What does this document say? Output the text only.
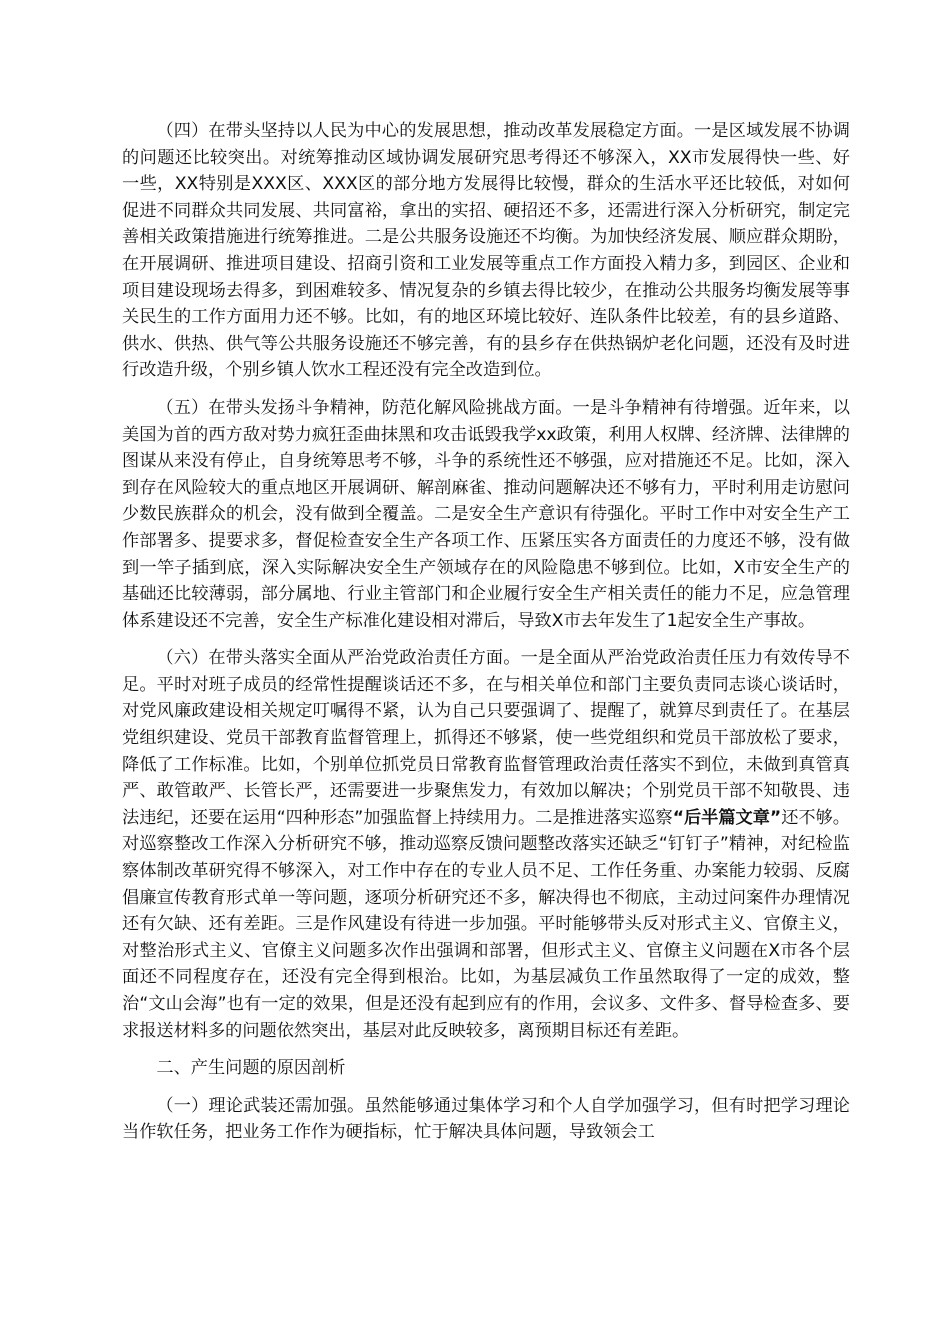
（四）在带头坚持以人民为中心的发展思想，推动改革发展稳定方面。一是区域发展不协调的问题还比较突出。对统筹推动区域协调发展研究思考得还不够深入，XX市发展得快一些、好一些，XX特别是XXX区、XXX区的部分地方发展得比较慢，群众的生活水平还比较低，对如何促进不同群众共同发展、共同富裕，拿出的实招、硬招还不多，还需进行深入分析研究，制定完善相关政策措施进行统筹推进。二是公共服务设施还不均衡。为加快经济发展、顺应群众期盼，在开展调研、推进项目建设、招商引资和工业发展等重点工作方面投入精力多，到园区、企业和项目建设现场去得多，到困难较多、情况复杂的乡镇去得比较少，在推动公共服务均衡发展等事关民生的工作方面用力还不够。比如，有的地区环境比较好、连队条件比较差，有的县乡道路、供水、供热、供气等公共服务设施还不够完善，有的县乡存在供热锅炉老化问题，还没有及时进行改造升级，个别乡镇人饮水工程还没有完全改造到位。

（五）在带头发扬斗争精神，防范化解风险挑战方面。一是斗争精神有待增强。近年来，以美国为首的西方敌对势力疯狂歪曲抹黑和攻击诋毁我学xx政策，利用人权牌、经济牌、法律牌的图谋从来没有停止，自身统筹思考不够，斗争的系统性还不够强，应对措施还不足。比如，深入到存在风险较大的重点地区开展调研、解剖麻雀、推动问题解决还不够有力，平时利用走访慰问少数民族群众的机会，没有做到全覆盖。二是安全生产意识有待强化。平时工作中对安全生产工作部署多、提要求多，督促检查安全生产各项工作、压紧压实各方面责任的力度还不够，没有做到一竿子插到底，深入实际解决安全生产领域存在的风险隐患不够到位。比如，X市安全生产的基础还比较薄弱，部分属地、行业主管部门和企业履行安全生产相关责任的能力不足，应急管理体系建设还不完善，安全生产标准化建设相对滞后，导致X市去年发生了1起安全生产事故。

（六）在带头落实全面从严治党政治责任方面。一是全面从严治党政治责任压力有效传导不足。平时对班子成员的经常性提醒谈话还不多，在与相关单位和部门主要负责同志谈心谈话时，对党风廉政建设相关规定叮嘱得不紧，认为自己只要强调了、提醒了，就算尽到责任了。在基层党组织建设、党员干部教育监督管理上，抓得还不够紧，使一些党组织和党员干部放松了要求，降低了工作标准。比如，个别单位抓党员日常教育监督管理政治责任落实不到位，未做到真管真严、敢管敢严、长管长严，还需要进一步聚焦发力，有效加以解决；个别党员干部不知敬畏、违法违纪，还要在运用“四种形态”加强监督上持续用力。二是推进落实巡察“后半篇文章”还不够。对巡察整改工作深入分析研究不够，推动巡察反馈问题整改落实还缺乏“钉钉子”精神，对纪检监察体制改革研究得不够深入，对工作中存在的专业人员不足、工作任务重、办案能力较弱、反腐倡廉宣传教育形式单一等问题，逐项分析研究还不多，解决得也不彻底，主动过问案件办理情况还有欠缺、还有差距。三是作风建设有待进一步加强。平时能够带头反对形式主义、官僚主义，对整治形式主义、官僚主义问题多次作出强调和部署，但形式主义、官僚主义问题在X市各个层面还不同程度存在，还没有完全得到根治。比如，为基层减负工作虽然取得了一定的成效，整治“文山会海”也有一定的效果，但是还没有起到应有的作用，会议多、文件多、督导检查多、要求报送材料多的问题依然突出，基层对此反映较多，离预期目标还有差距。

二、产生问题的原因剖析

（一）理论武装还需加强。虽然能够通过集体学习和个人自学加强学习，但有时把学习理论当作软任务，把业务工作作为硬指标，忙于解决具体问题，导致领会工
